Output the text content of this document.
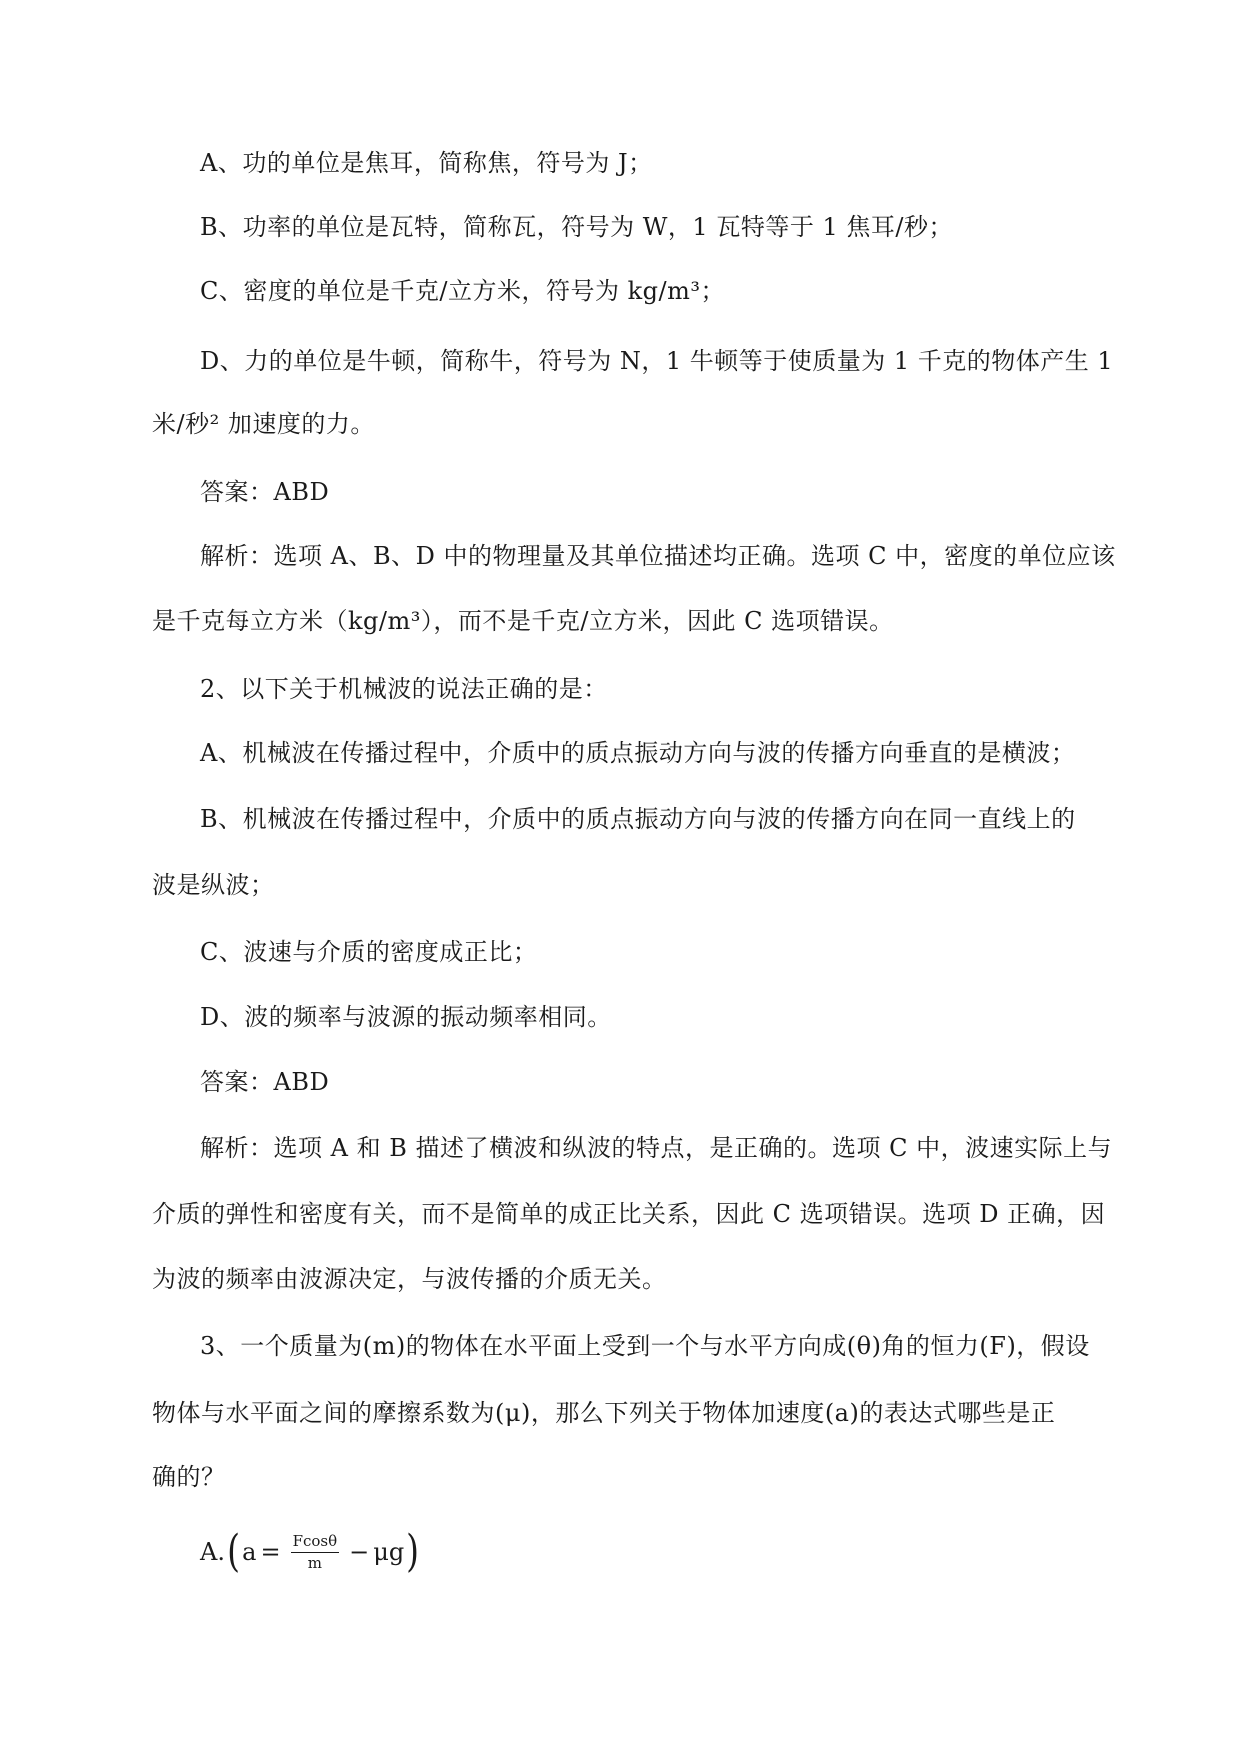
A、功的单位是焦耳，简称焦，符号为 J；
B、功率的单位是瓦特，简称瓦，符号为 W，1 瓦特等于 1 焦耳/秒；
C、密度的单位是千克/立方米，符号为 kg/m³；
D、力的单位是牛顿，简称牛，符号为 N，1 牛顿等于使质量为 1 千克的物体产生 1
米/秒² 加速度的力。
答案：ABD
解析：选项 A、B、D 中的物理量及其单位描述均正确。选项 C 中，密度的单位应该
是千克每立方米（kg/m³），而不是千克/立方米，因此 C 选项错误。
2、以下关于机械波的说法正确的是：
A、机械波在传播过程中，介质中的质点振动方向与波的传播方向垂直的是横波；
B、机械波在传播过程中，介质中的质点振动方向与波的传播方向在同一直线上的
波是纵波；
C、波速与介质的密度成正比；
D、波的频率与波源的振动频率相同。
答案：ABD
解析：选项 A 和 B 描述了横波和纵波的特点，是正确的。选项 C 中，波速实际上与
介质的弹性和密度有关，而不是简单的成正比关系，因此 C 选项错误。选项 D 正确，因
为波的频率由波源决定，与波传播的介质无关。
3、一个质量为(m)的物体在水平面上受到一个与水平方向成(θ)角的恒力(F)，假设
物体与水平面之间的摩擦系数为(μ)，那么下列关于物体加速度(a)的表达式哪些是正
确的？
A. ( $a = \frac{Fcos\theta}{m} - \mu g$ )
